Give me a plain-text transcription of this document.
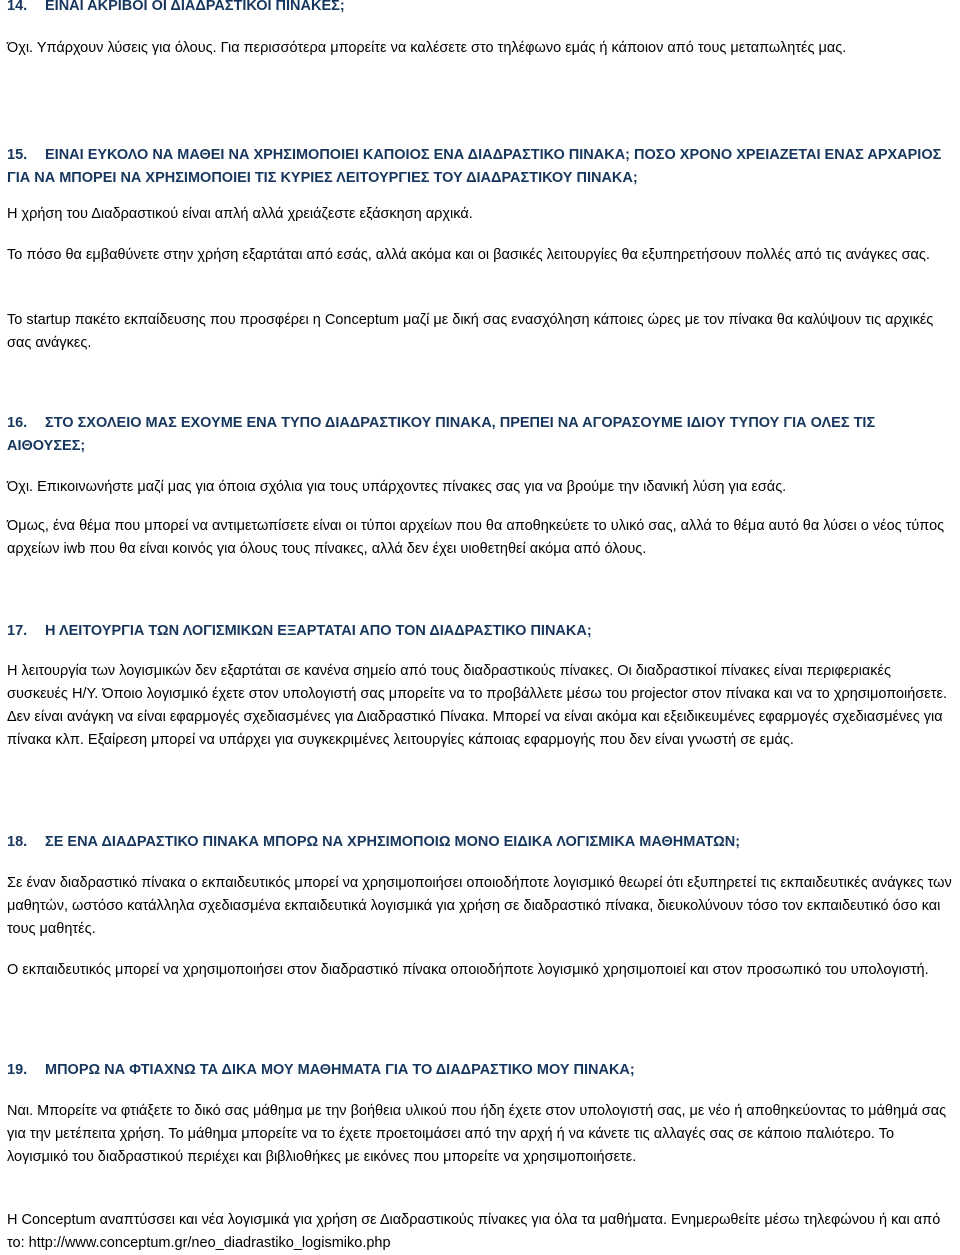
14. ΕΙΝΑΙ ΑΚΡΙΒΟΙ ΟΙ ΔΙΑΔΡΑΣΤΙΚΟΙ ΠΙΝΑΚΕΣ;

Όχι. Υπάρχουν λύσεις για όλους. Για περισσότερα μπορείτε να καλέσετε στο τηλέφωνο εμάς ή κάποιον από τους μεταπωλητές μας.

15. ΕΙΝΑΙ ΕΥΚΟΛΟ ΝΑ ΜΑΘΕΙ ΝΑ ΧΡΗΣΙΜΟΠΟΙΕΙ ΚΑΠΟΙΟΣ ΕΝΑ ΔΙΑΔΡΑΣΤΙΚΟ ΠΙΝΑΚΑ; ΠΟΣΟ ΧΡΟΝΟ ΧΡΕΙΑΖΕΤΑΙ ΕΝΑΣ ΑΡΧΑΡΙΟΣ ΓΙΑ ΝΑ ΜΠΟΡΕΙ ΝΑ ΧΡΗΣΙΜΟΠΟΙΕΙ ΤΙΣ ΚΥΡΙΕΣ ΛΕΙΤΟΥΡΓΙΕΣ ΤΟΥ ΔΙΑΔΡΑΣΤΙΚΟΥ ΠΙΝΑΚΑ;

Η χρήση του Διαδραστικού είναι απλή αλλά χρειάζεστε εξάσκηση αρχικά.

Το πόσο θα εμβαθύνετε στην χρήση εξαρτάται από εσάς, αλλά ακόμα και οι βασικές λειτουργίες θα εξυπηρετήσουν πολλές από τις ανάγκες σας.

Το startup πακέτο εκπαίδευσης που προσφέρει η Conceptum μαζί με δική σας ενασχόληση κάποιες ώρες με τον πίνακα θα καλύψουν τις αρχικές σας ανάγκες.

16. ΣΤΟ ΣΧΟΛΕΙΟ ΜΑΣ ΕΧΟΥΜΕ ΕΝΑ ΤΥΠΟ ΔΙΑΔΡΑΣΤΙΚΟΥ ΠΙΝΑΚΑ, ΠΡΕΠΕΙ ΝΑ ΑΓΟΡΑΣΟΥΜΕ ΙΔΙΟΥ ΤΥΠΟΥ ΓΙΑ ΟΛΕΣ ΤΙΣ ΑΙΘΟΥΣΕΣ;

Όχι. Επικοινωνήστε μαζί μας για όποια σχόλια για τους υπάρχοντες πίνακες σας για να βρούμε την ιδανική λύση για εσάς.

Όμως, ένα θέμα που μπορεί να αντιμετωπίσετε είναι οι τύποι αρχείων που θα αποθηκεύετε το υλικό σας, αλλά το θέμα αυτό θα λύσει ο νέος τύπος αρχείων iwb που θα είναι κοινός για όλους τους πίνακες, αλλά δεν έχει υιοθετηθεί ακόμα από όλους.

17. Η ΛΕΙΤΟΥΡΓΙΑ ΤΩΝ ΛΟΓΙΣΜΙΚΩΝ ΕΞΑΡΤΑΤΑΙ ΑΠΟ ΤΟΝ ΔΙΑΔΡΑΣΤΙΚΟ ΠΙΝΑΚΑ;

Η λειτουργία των λογισμικών δεν εξαρτάται σε κανένα σημείο από τους διαδραστικούς πίνακες. Οι διαδραστικοί πίνακες είναι περιφεριακές συσκευές Η/Υ. Όποιο λογισμικό έχετε στον υπολογιστή σας μπορείτε να το προβάλλετε μέσω του projector στον πίνακα και να το χρησιμοποιήσετε. Δεν είναι ανάγκη να είναι εφαρμογές σχεδιασμένες για Διαδραστικό Πίνακα. Μπορεί να είναι ακόμα και εξειδικευμένες εφαρμογές σχεδιασμένες για πίνακα κλπ. Εξαίρεση μπορεί να υπάρχει για συγκεκριμένες λειτουργίες κάποιας εφαρμογής που δεν είναι γνωστή σε εμάς.

18. ΣΕ ΕΝΑ ΔΙΑΔΡΑΣΤΙΚΟ ΠΙΝΑΚΑ ΜΠΟΡΩ ΝΑ ΧΡΗΣΙΜΟΠΟΙΩ ΜΟΝΟ ΕΙΔΙΚΑ ΛΟΓΙΣΜΙΚΑ ΜΑΘΗΜΑΤΩΝ;

Σε έναν διαδραστικό πίνακα ο εκπαιδευτικός μπορεί να χρησιμοποιήσει οποιοδήποτε λογισμικό θεωρεί ότι εξυπηρετεί τις εκπαιδευτικές ανάγκες των μαθητών, ωστόσο κατάλληλα σχεδιασμένα εκπαιδευτικά λογισμικά για χρήση σε διαδραστικό πίνακα, διευκολύνουν τόσο τον εκπαιδευτικό όσο και τους μαθητές.

Ο εκπαιδευτικός μπορεί να χρησιμοποιήσει στον διαδραστικό πίνακα οποιοδήποτε λογισμικό χρησιμοποιεί και στον προσωπικό του υπολογιστή.

19. ΜΠΟΡΩ ΝΑ ΦΤΙΑΧΝΩ ΤΑ ΔΙΚΑ ΜΟΥ ΜΑΘΗΜΑΤΑ ΓΙΑ ΤΟ ΔΙΑΔΡΑΣΤΙΚΟ ΜΟΥ ΠΙΝΑΚΑ;

Ναι. Μπορείτε να φτιάξετε το δικό σας μάθημα με την βοήθεια υλικού που ήδη έχετε στον υπολογιστή σας, με νέο ή αποθηκεύοντας το μάθημά σας για την μετέπειτα χρήση. Το μάθημα μπορείτε να το έχετε προετοιμάσει από την αρχή ή να κάνετε τις αλλαγές σας σε κάποιο παλιότερο. Το λογισμικό του διαδραστικού περιέχει και βιβλιοθήκες με εικόνες που μπορείτε να χρησιμοποιήσετε.

Η Conceptum αναπτύσσει και νέα λογισμικά για χρήση σε Διαδραστικούς πίνακες για όλα τα μαθήματα. Ενημερωθείτε μέσω τηλεφώνου ή και από το: http://www.conceptum.gr/neo_diadrastiko_logismiko.php
